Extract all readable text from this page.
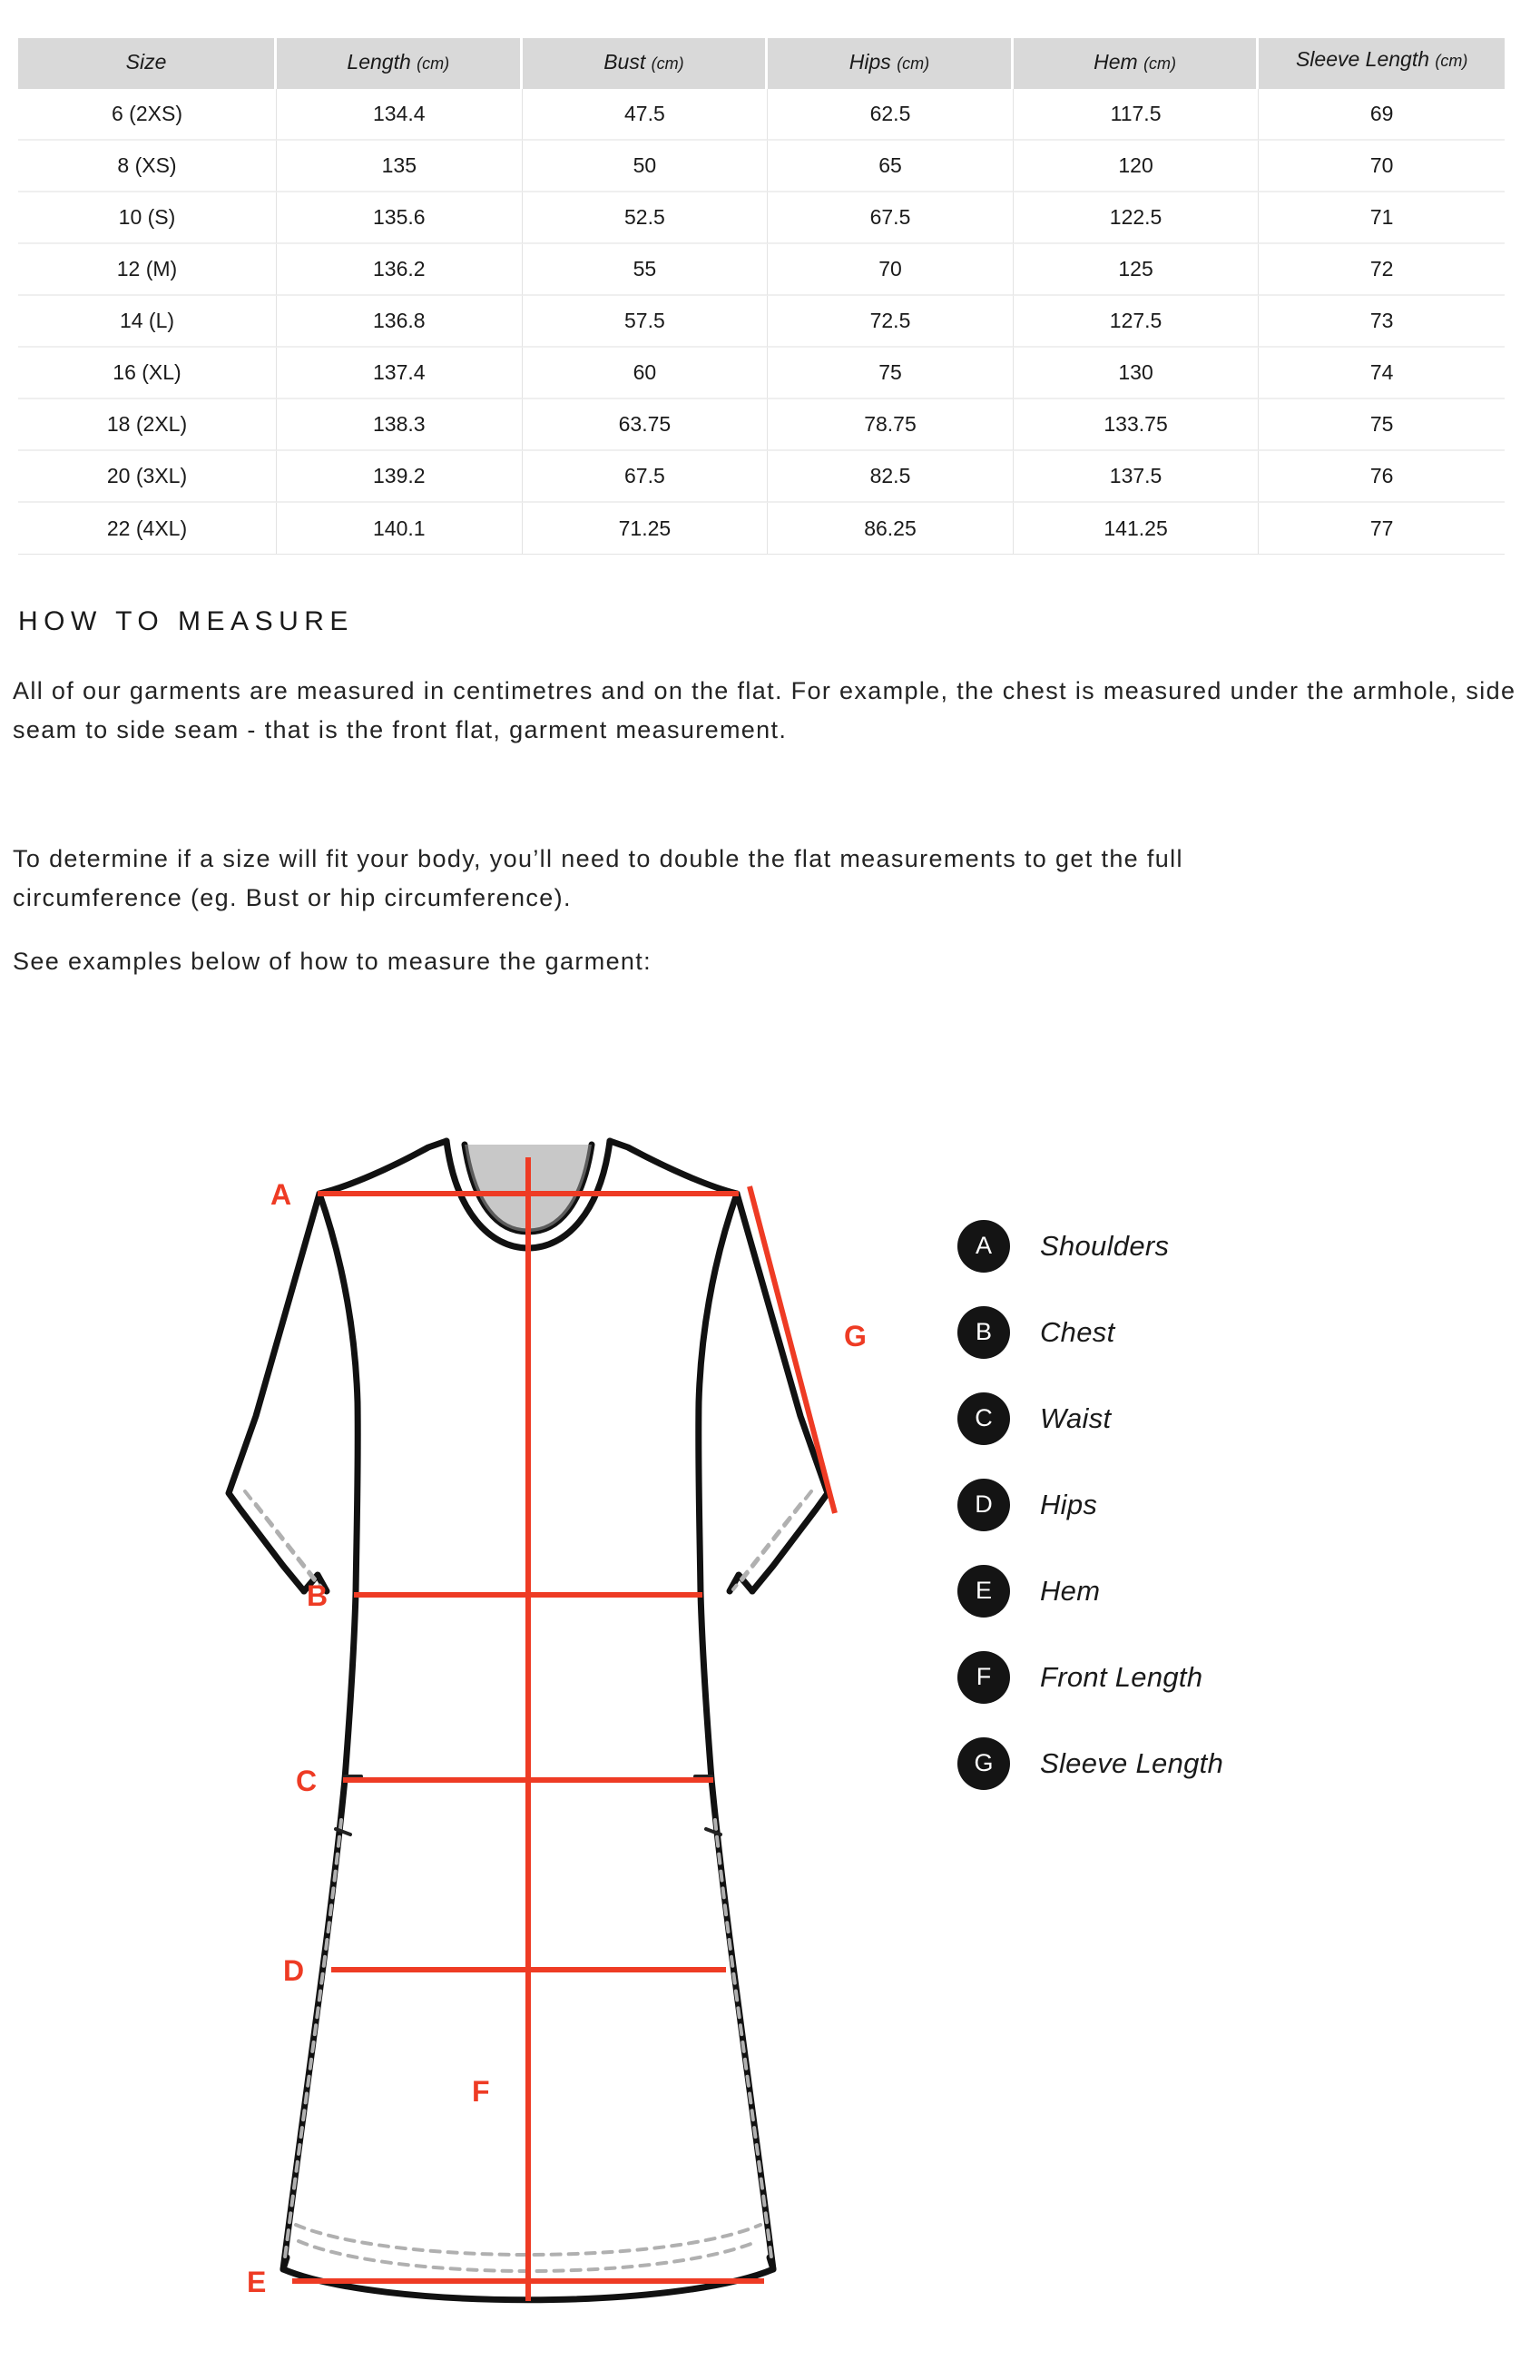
Size	Length (cm)	Bust (cm)	Hips (cm)	Hem (cm)	Sleeve Length (cm)
6 (2XS)	134.4	47.5	62.5	117.5	69
8 (XS)	135	50	65	120	70
10 (S)	135.6	52.5	67.5	122.5	71
12 (M)	136.2	55	70	125	72
14 (L)	136.8	57.5	72.5	127.5	73
16 (XL)	137.4	60	75	130	74
18 (2XL)	138.3	63.75	78.75	133.75	75
20 (3XL)	139.2	67.5	82.5	137.5	76
22 (4XL)	140.1	71.25	86.25	141.25	77
HOW TO MEASURE
All of our garments are measured in centimetres and on the flat. For example, the chest is measured under the armhole, side seam to side seam - that is the front flat, garment measurement.
To determine if a size will fit your body, you’ll need to double the flat measurements to get the full circumference (eg. Bust or hip circumference).
See examples below of how to measure the garment:
A
B
C
D
E
F
G
A	Shoulders
B	Chest
C	Waist
D	Hips
E	Hem
F	Front Length
G	Sleeve Length
